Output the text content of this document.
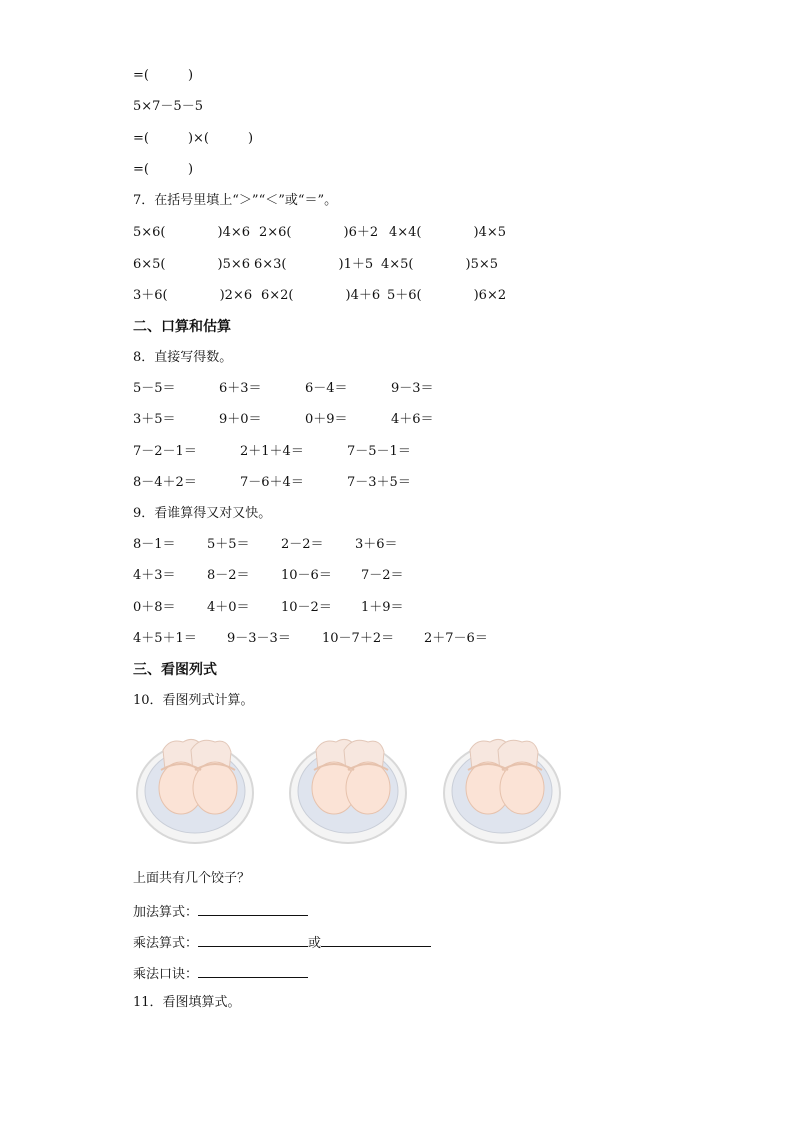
=(　　　)
5×7－5－5
=(　　　)×(　　　)
=(　　　)
7．在括号里填上“＞”“＜”或“＝”。
5×6(　　　　)4×6 2×6(　　　　)6＋2 4×4(　　　　)4×5
6×5(　　　　)5×6 6×3(　　　　)1＋5 4×5(　　　　)5×5
3＋6(　　　　)2×6 6×2(　　　　)4＋6 5＋6(　　　　)6×2
二、口算和估算
8．直接写得数。
5－5＝	6＋3＝	6－4＝	9－3＝
3＋5＝	9＋0＝	0＋9＝	4＋6＝
7－2－1＝	2＋1＋4＝	7－5－1＝
8－4＋2＝	7－6＋4＝	7－3＋5＝
9．看谁算得又对又快。
8－1＝ 5＋5＝ 2－2＝ 3＋6＝
4＋3＝ 8－2＝ 10－6＝ 7－2＝
0＋8＝ 4＋0＝ 10－2＝ 1＋9＝
4＋5＋1＝ 9－3－3＝ 10－7＋2＝ 2＋7－6＝
三、看图列式
10．看图列式计算。
上面共有几个饺子？
加法算式：
乘法算式：	或
乘法口诀：
11．看图填算式。
